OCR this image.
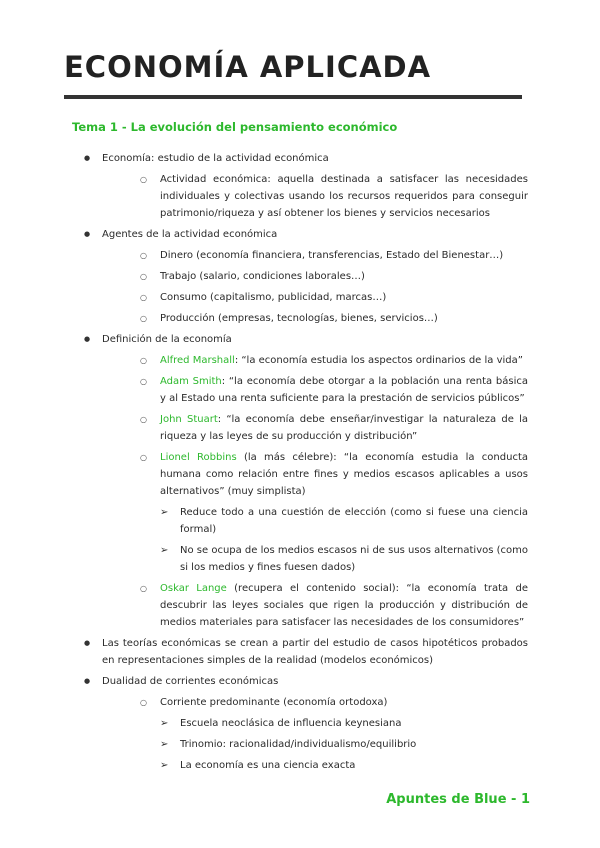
ECONOMÍA APLICADA
Tema 1 - La evolución del pensamiento económico
● Economía: estudio de la actividad económica
○ Actividad económica: aquella destinada a satisfacer las necesidades individuales y colectivas usando los recursos requeridos para conseguir patrimonio/riqueza y así obtener los bienes y servicios necesarios
● Agentes de la actividad económica
○ Dinero (economía financiera, transferencias, Estado del Bienestar…)
○ Trabajo (salario, condiciones laborales…)
○ Consumo (capitalismo, publicidad, marcas…)
○ Producción (empresas, tecnologías, bienes, servicios…)
● Definición de la economía
○ Alfred Marshall: “la economía estudia los aspectos ordinarios de la vida”
○ Adam Smith: “la economía debe otorgar a la población una renta básica y al Estado una renta suficiente para la prestación de servicios públicos”
○ John Stuart: “la economía debe enseñar/investigar la naturaleza de la riqueza y las leyes de su producción y distribución”
○ Lionel Robbins (la más célebre): “la economía estudia la conducta humana como relación entre fines y medios escasos aplicables a usos alternativos” (muy simplista)
➢ Reduce todo a una cuestión de elección (como si fuese una ciencia formal)
➢ No se ocupa de los medios escasos ni de sus usos alternativos (como si los medios y fines fuesen dados)
○ Oskar Lange (recupera el contenido social): “la economía trata de descubrir las leyes sociales que rigen la producción y distribución de medios materiales para satisfacer las necesidades de los consumidores”
● Las teorías económicas se crean a partir del estudio de casos hipotéticos probados en representaciones simples de la realidad (modelos económicos)
● Dualidad de corrientes económicas
○ Corriente predominante (economía ortodoxa)
➢ Escuela neoclásica de influencia keynesiana
➢ Trinomio: racionalidad/individualismo/equilibrio
➢ La economía es una ciencia exacta

Apuntes de Blue - 1
